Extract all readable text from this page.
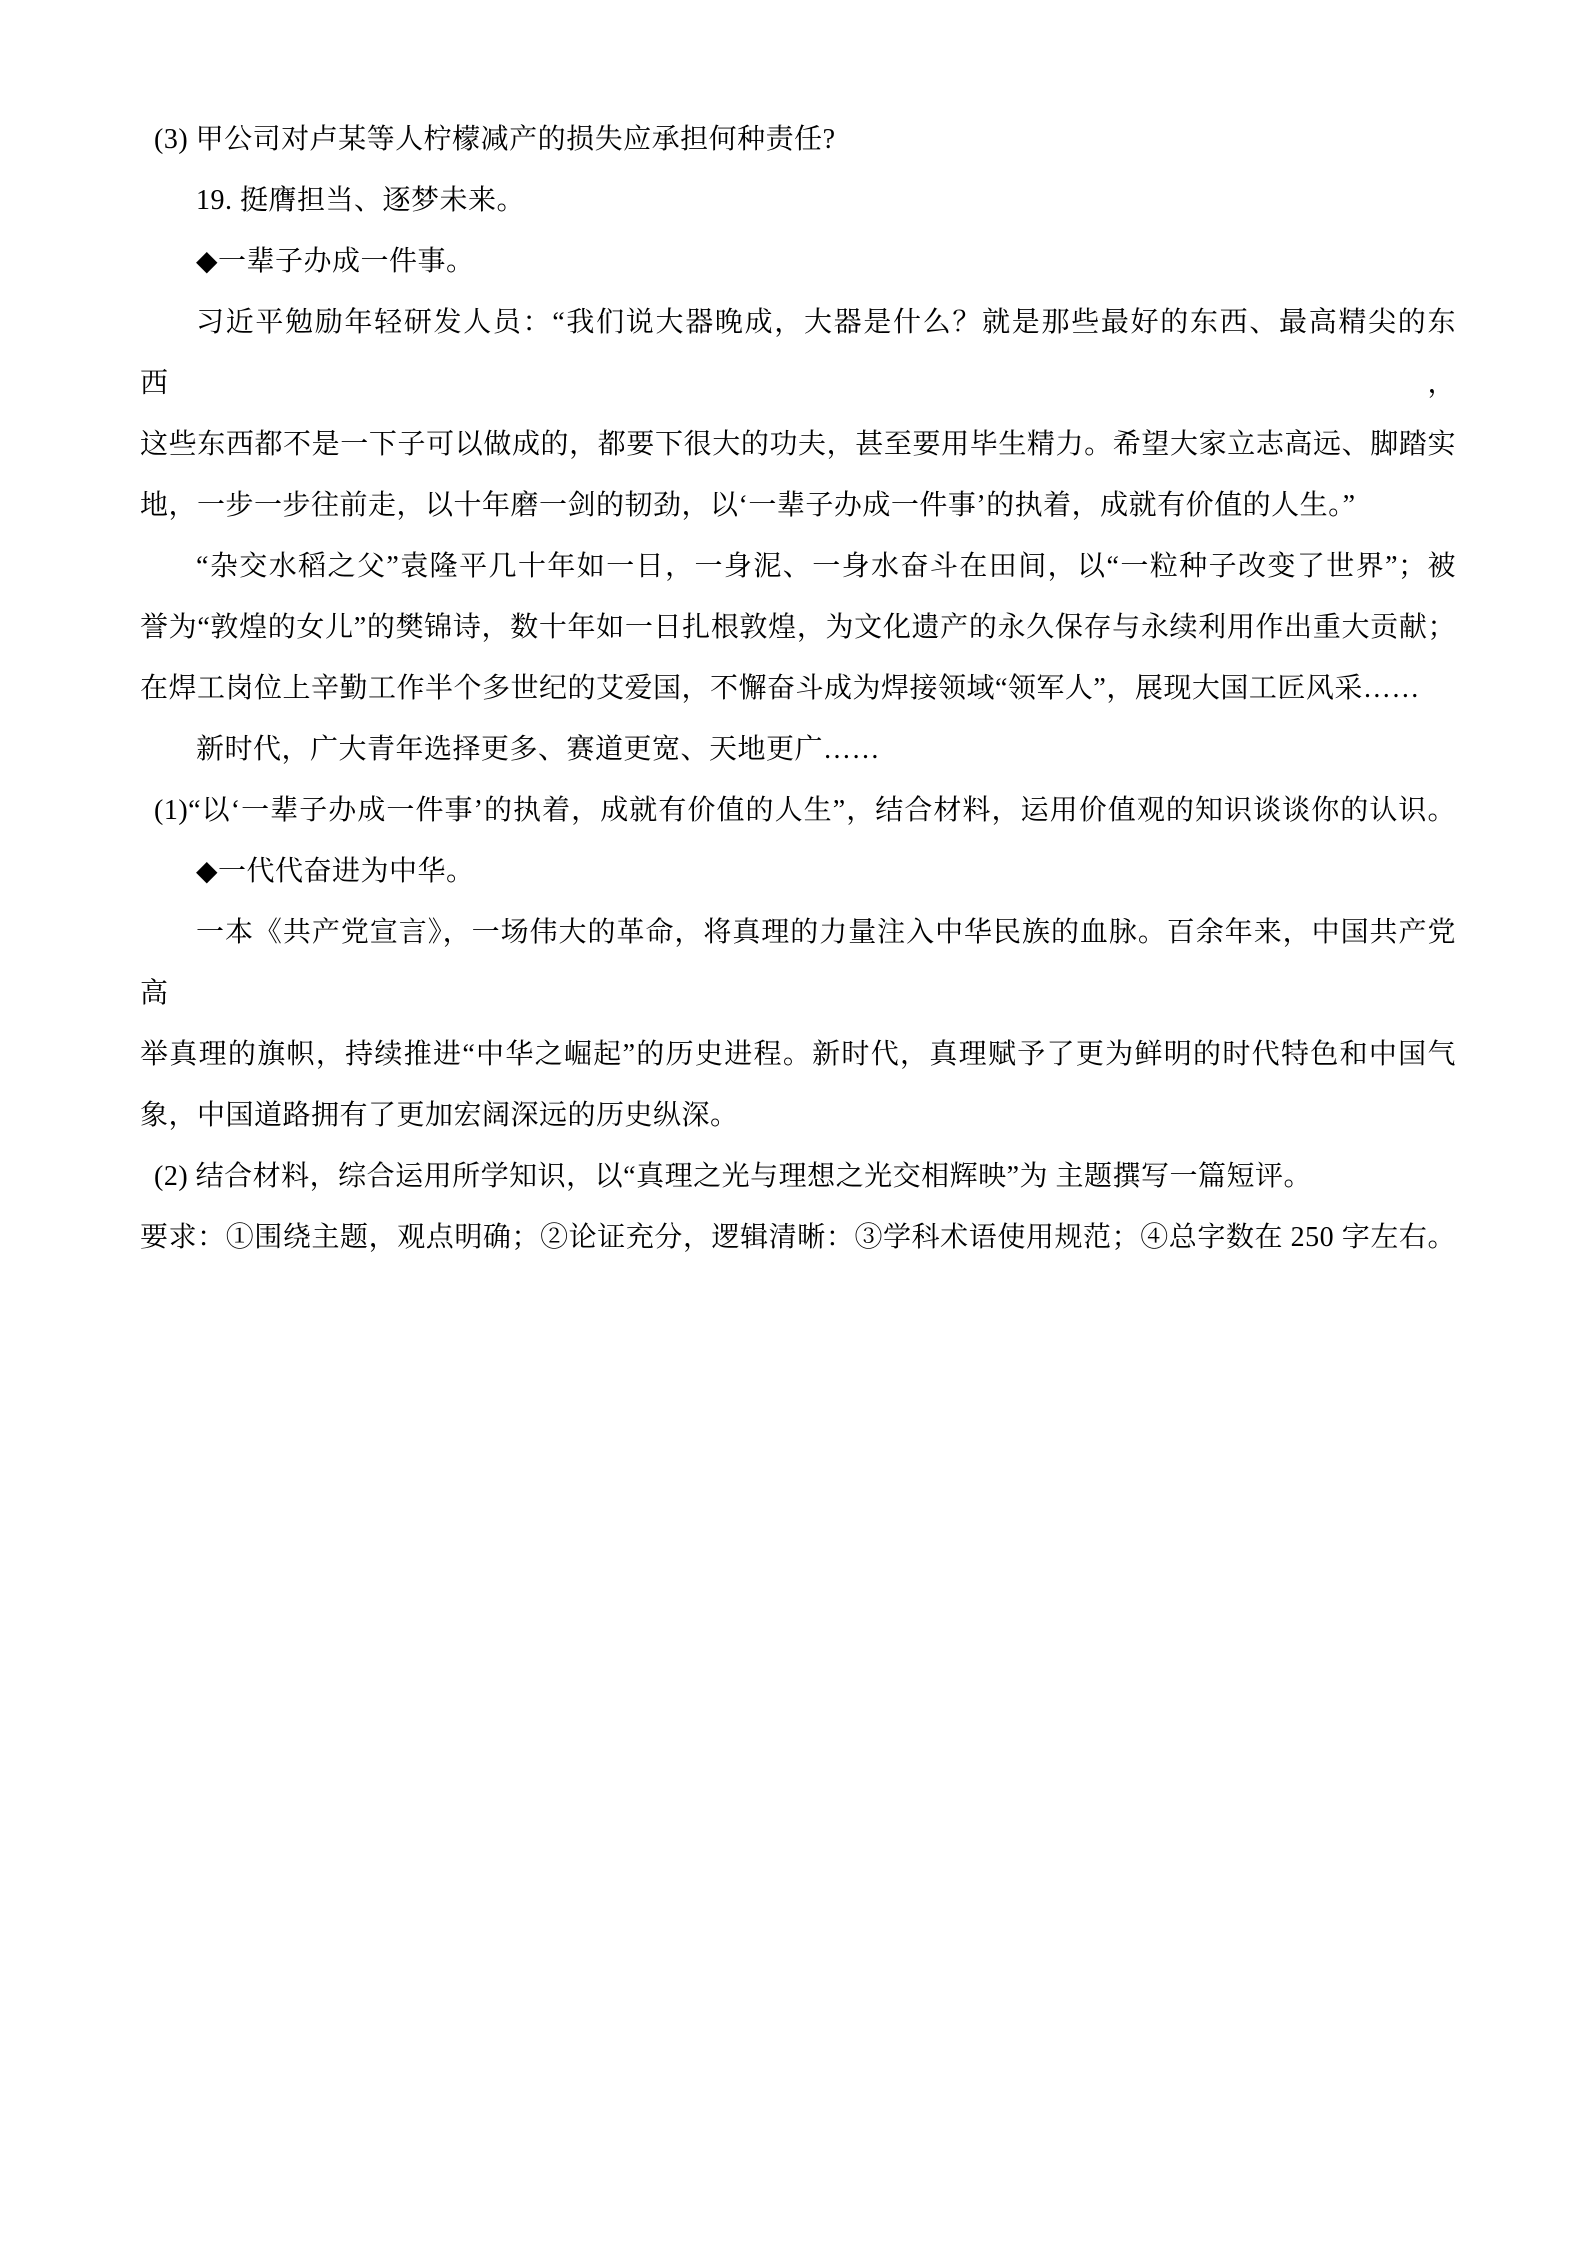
(3) 甲公司对卢某等人柠檬减产的损失应承担何种责任?
19. 挺膺担当、逐梦未来。
◆一辈子办成一件事。
习近平勉励年轻研发人员：“我们说大器晚成，大器是什么？就是那些最好的东西、最高精尖的东西，
这些东西都不是一下子可以做成的，都要下很大的功夫，甚至要用毕生精力。希望大家立志高远、脚踏实
地，一步一步往前走，以十年磨一剑的韧劲，以‘一辈子办成一件事’的执着，成就有价值的人生。”
“杂交水稻之父”袁隆平几十年如一日，一身泥、一身水奋斗在田间，以“一粒种子改变了世界”；被
誉为“敦煌的女儿”的樊锦诗，数十年如一日扎根敦煌，为文化遗产的永久保存与永续利用作出重大贡献；
在焊工岗位上辛勤工作半个多世纪的艾爱国，不懈奋斗成为焊接领域“领军人”，展现大国工匠风采……
新时代，广大青年选择更多、赛道更宽、天地更广……
(1)“以‘一辈子办成一件事’的执着，成就有价值的人生”，结合材料，运用价值观的知识谈谈你的认识。
◆一代代奋进为中华。
一本《共产党宣言》，一场伟大的革命，将真理的力量注入中华民族的血脉。百余年来，中国共产党高
举真理的旗帜，持续推进“中华之崛起”的历史进程。新时代，真理赋予了更为鲜明的时代特色和中国气
象，中国道路拥有了更加宏阔深远的历史纵深。
(2) 结合材料，综合运用所学知识，以“真理之光与理想之光交相辉映”为 主题撰写一篇短评。
要求：①围绕主题，观点明确；②论证充分，逻辑清晰：③学科术语使用规范；④总字数在 250 字左右。
